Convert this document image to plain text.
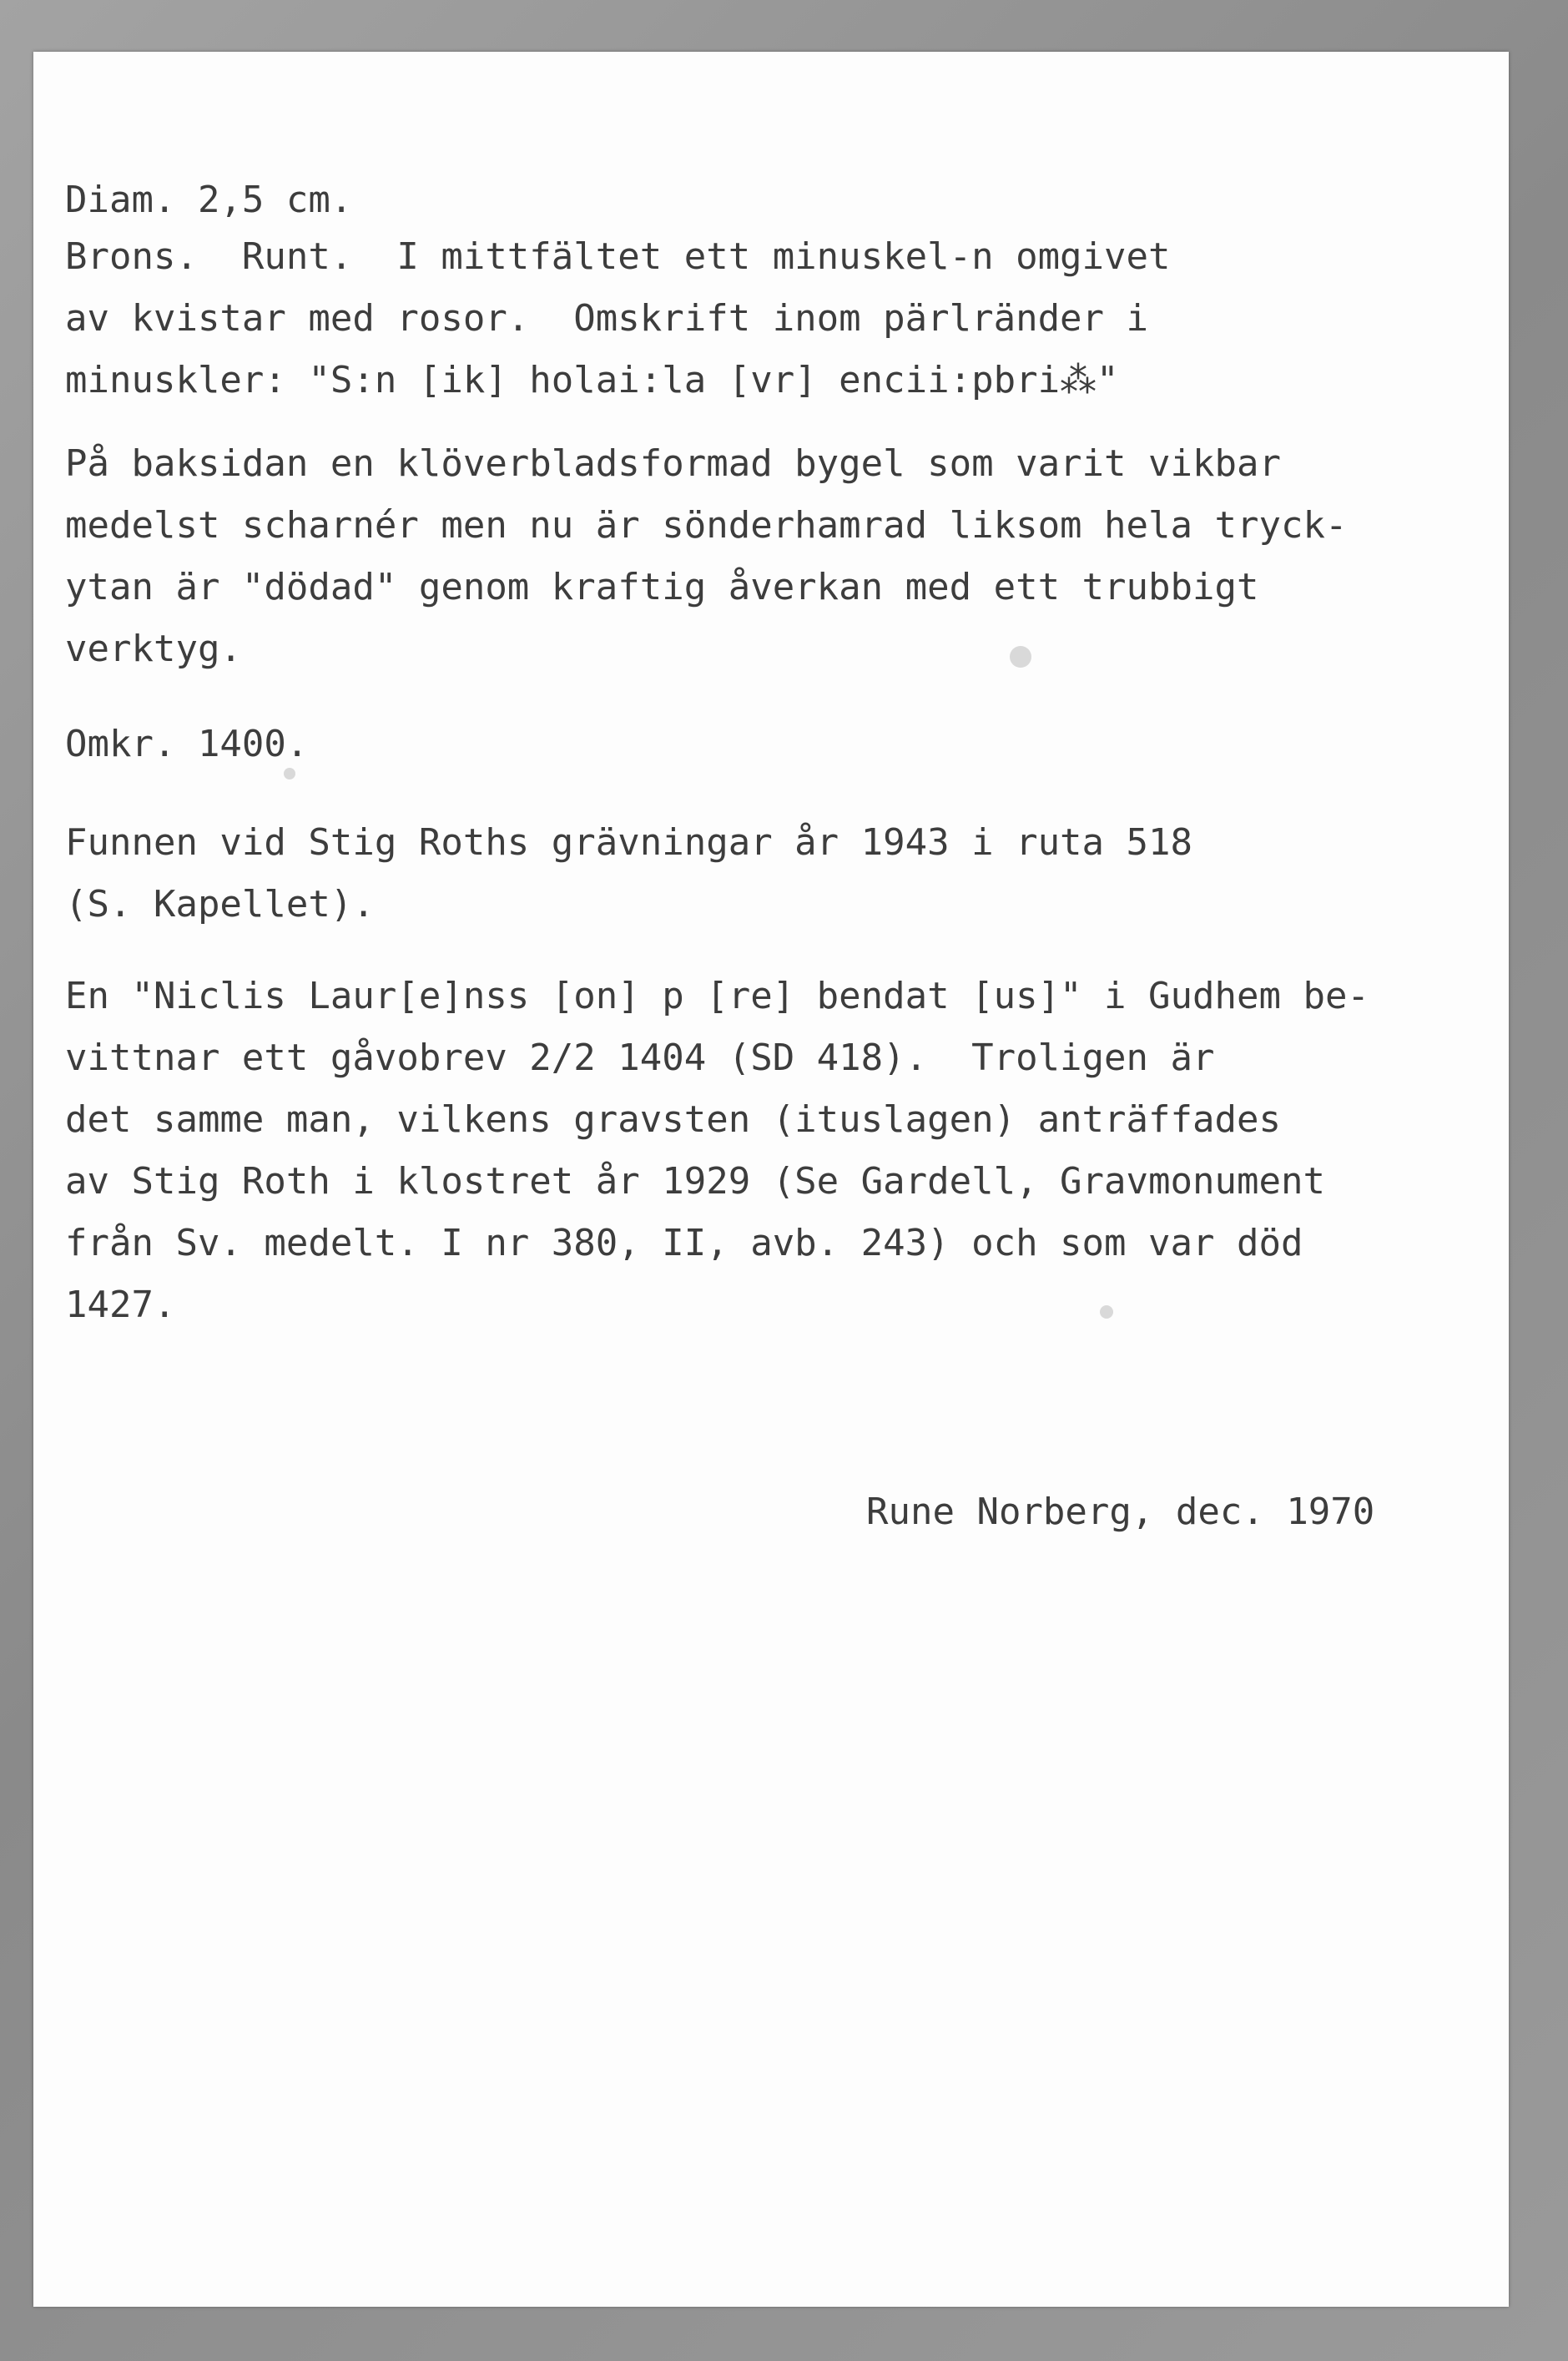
Diam. 2,5 cm.

Brons.  Runt.  I mittfältet ett minuskel-n omgivet

av kvistar med rosor.  Omskrift inom pärlränder i

minuskler: "S:n [ik] holai:la [vr] encii:pbri⁂"

På baksidan en klöverbladsformad bygel som varit vikbar

medelst scharnér men nu är sönderhamrad liksom hela tryck-

ytan är "dödad" genom kraftig åverkan med ett trubbigt

verktyg.

Omkr. 1400.

Funnen vid Stig Roths grävningar år 1943 i ruta 518

(S. Kapellet).

En "Niclis Laur[e]nss [on] p [re] bendat [us]" i Gudhem be-

vittnar ett gåvobrev 2/2 1404 (SD 418).  Troligen är

det samme man, vilkens gravsten (ituslagen) anträffades

av Stig Roth i klostret år 1929 (Se Gardell, Gravmonument

från Sv. medelt. I nr 380, II, avb. 243) och som var död

1427.

Rune Norberg, dec. 1970
